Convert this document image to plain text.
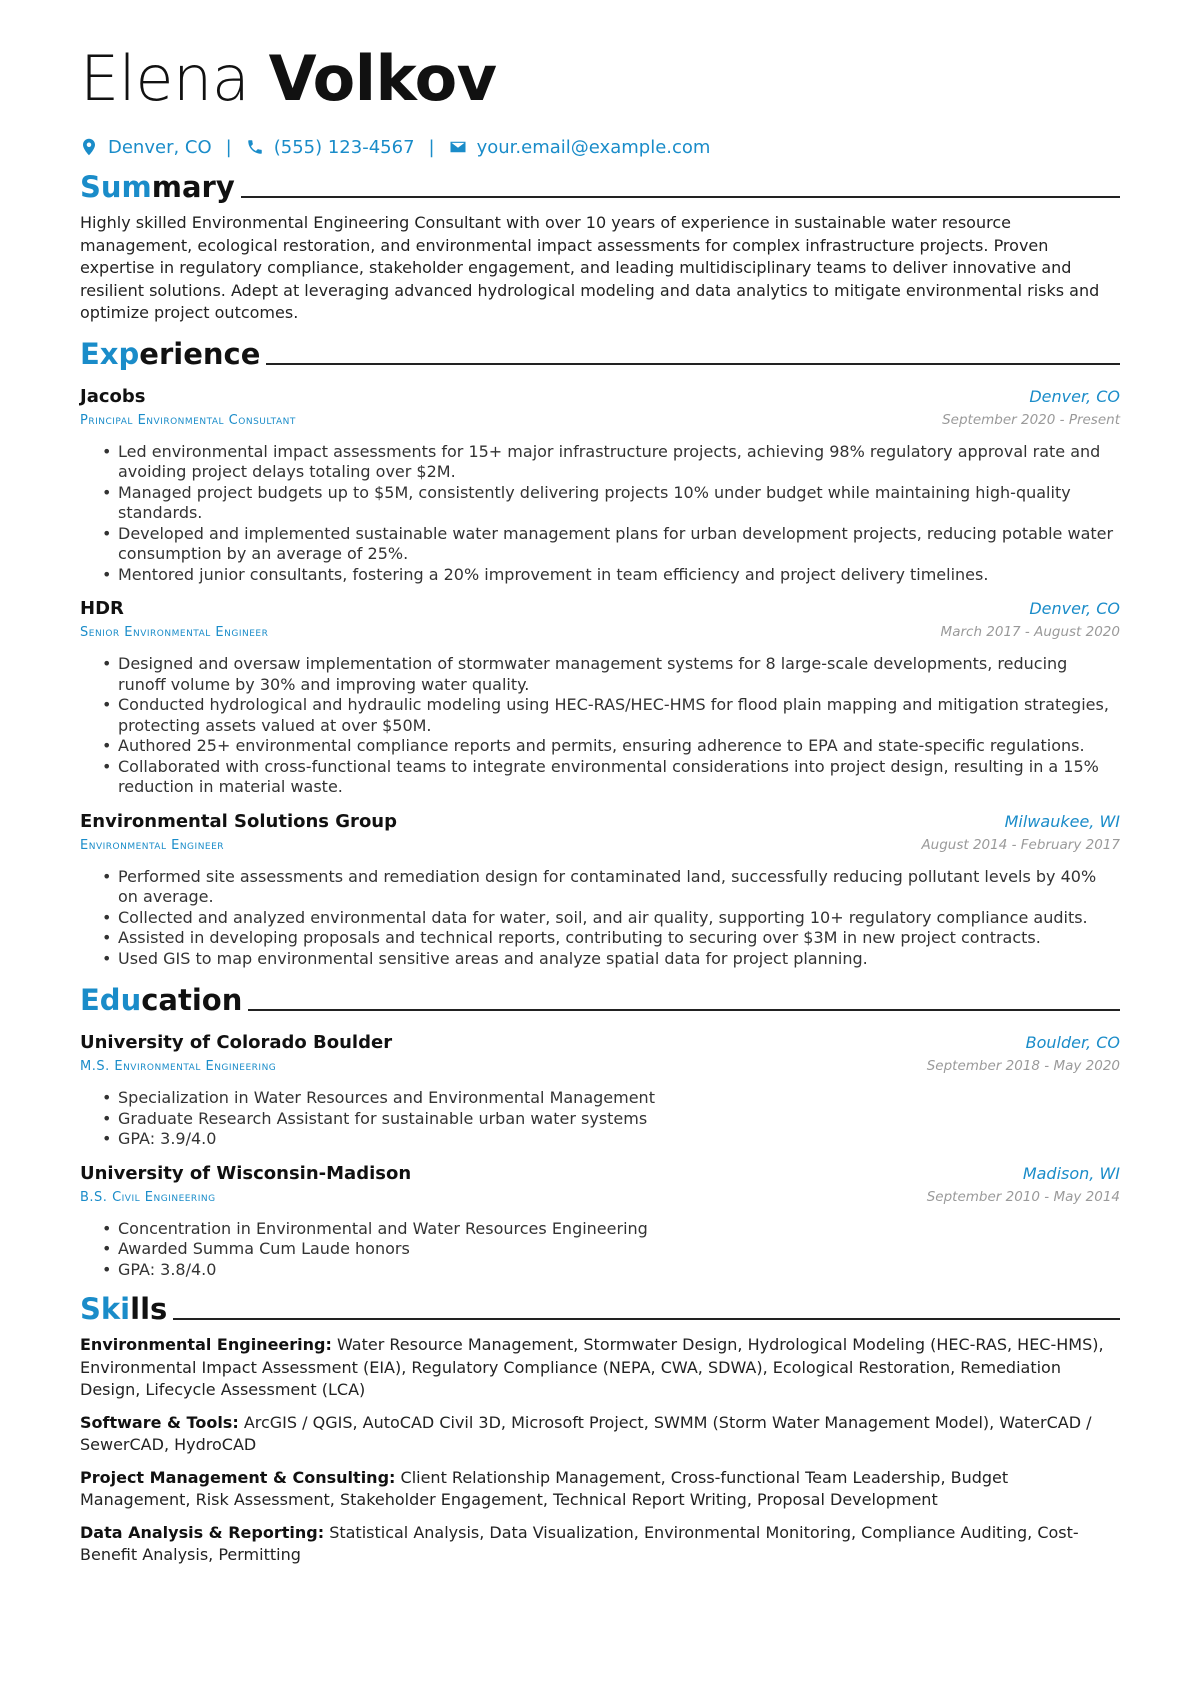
Elena Volkov
Denver, CO | (555) 123-4567 | your.email@example.com
Summary
Highly skilled Environmental Engineering Consultant with over 10 years of experience in sustainable water resource management, ecological restoration, and environmental impact assessments for complex infrastructure projects. Proven expertise in regulatory compliance, stakeholder engagement, and leading multidisciplinary teams to deliver innovative and resilient solutions. Adept at leveraging advanced hydrological modeling and data analytics to mitigate environmental risks and optimize project outcomes.
Experience
Jacobs	Denver, CO
Principal Environmental Consultant	September 2020 - Present
• Led environmental impact assessments for 15+ major infrastructure projects, achieving 98% regulatory approval rate and avoiding project delays totaling over $2M.
• Managed project budgets up to $5M, consistently delivering projects 10% under budget while maintaining high-quality standards.
• Developed and implemented sustainable water management plans for urban development projects, reducing potable water consumption by an average of 25%.
• Mentored junior consultants, fostering a 20% improvement in team efficiency and project delivery timelines.
HDR	Denver, CO
Senior Environmental Engineer	March 2017 - August 2020
• Designed and oversaw implementation of stormwater management systems for 8 large-scale developments, reducing runoff volume by 30% and improving water quality.
• Conducted hydrological and hydraulic modeling using HEC-RAS/HEC-HMS for flood plain mapping and mitigation strategies, protecting assets valued at over $50M.
• Authored 25+ environmental compliance reports and permits, ensuring adherence to EPA and state-specific regulations.
• Collaborated with cross-functional teams to integrate environmental considerations into project design, resulting in a 15% reduction in material waste.
Environmental Solutions Group	Milwaukee, WI
Environmental Engineer	August 2014 - February 2017
• Performed site assessments and remediation design for contaminated land, successfully reducing pollutant levels by 40% on average.
• Collected and analyzed environmental data for water, soil, and air quality, supporting 10+ regulatory compliance audits.
• Assisted in developing proposals and technical reports, contributing to securing over $3M in new project contracts.
• Used GIS to map environmental sensitive areas and analyze spatial data for project planning.
Education
University of Colorado Boulder	Boulder, CO
M.S. Environmental Engineering	September 2018 - May 2020
• Specialization in Water Resources and Environmental Management
• Graduate Research Assistant for sustainable urban water systems
• GPA: 3.9/4.0
University of Wisconsin-Madison	Madison, WI
B.S. Civil Engineering	September 2010 - May 2014
• Concentration in Environmental and Water Resources Engineering
• Awarded Summa Cum Laude honors
• GPA: 3.8/4.0
Skills
Environmental Engineering: Water Resource Management, Stormwater Design, Hydrological Modeling (HEC-RAS, HEC-HMS), Environmental Impact Assessment (EIA), Regulatory Compliance (NEPA, CWA, SDWA), Ecological Restoration, Remediation Design, Lifecycle Assessment (LCA)
Software & Tools: ArcGIS / QGIS, AutoCAD Civil 3D, Microsoft Project, SWMM (Storm Water Management Model), WaterCAD / SewerCAD, HydroCAD
Project Management & Consulting: Client Relationship Management, Cross-functional Team Leadership, Budget Management, Risk Assessment, Stakeholder Engagement, Technical Report Writing, Proposal Development
Data Analysis & Reporting: Statistical Analysis, Data Visualization, Environmental Monitoring, Compliance Auditing, Cost-Benefit Analysis, Permitting
